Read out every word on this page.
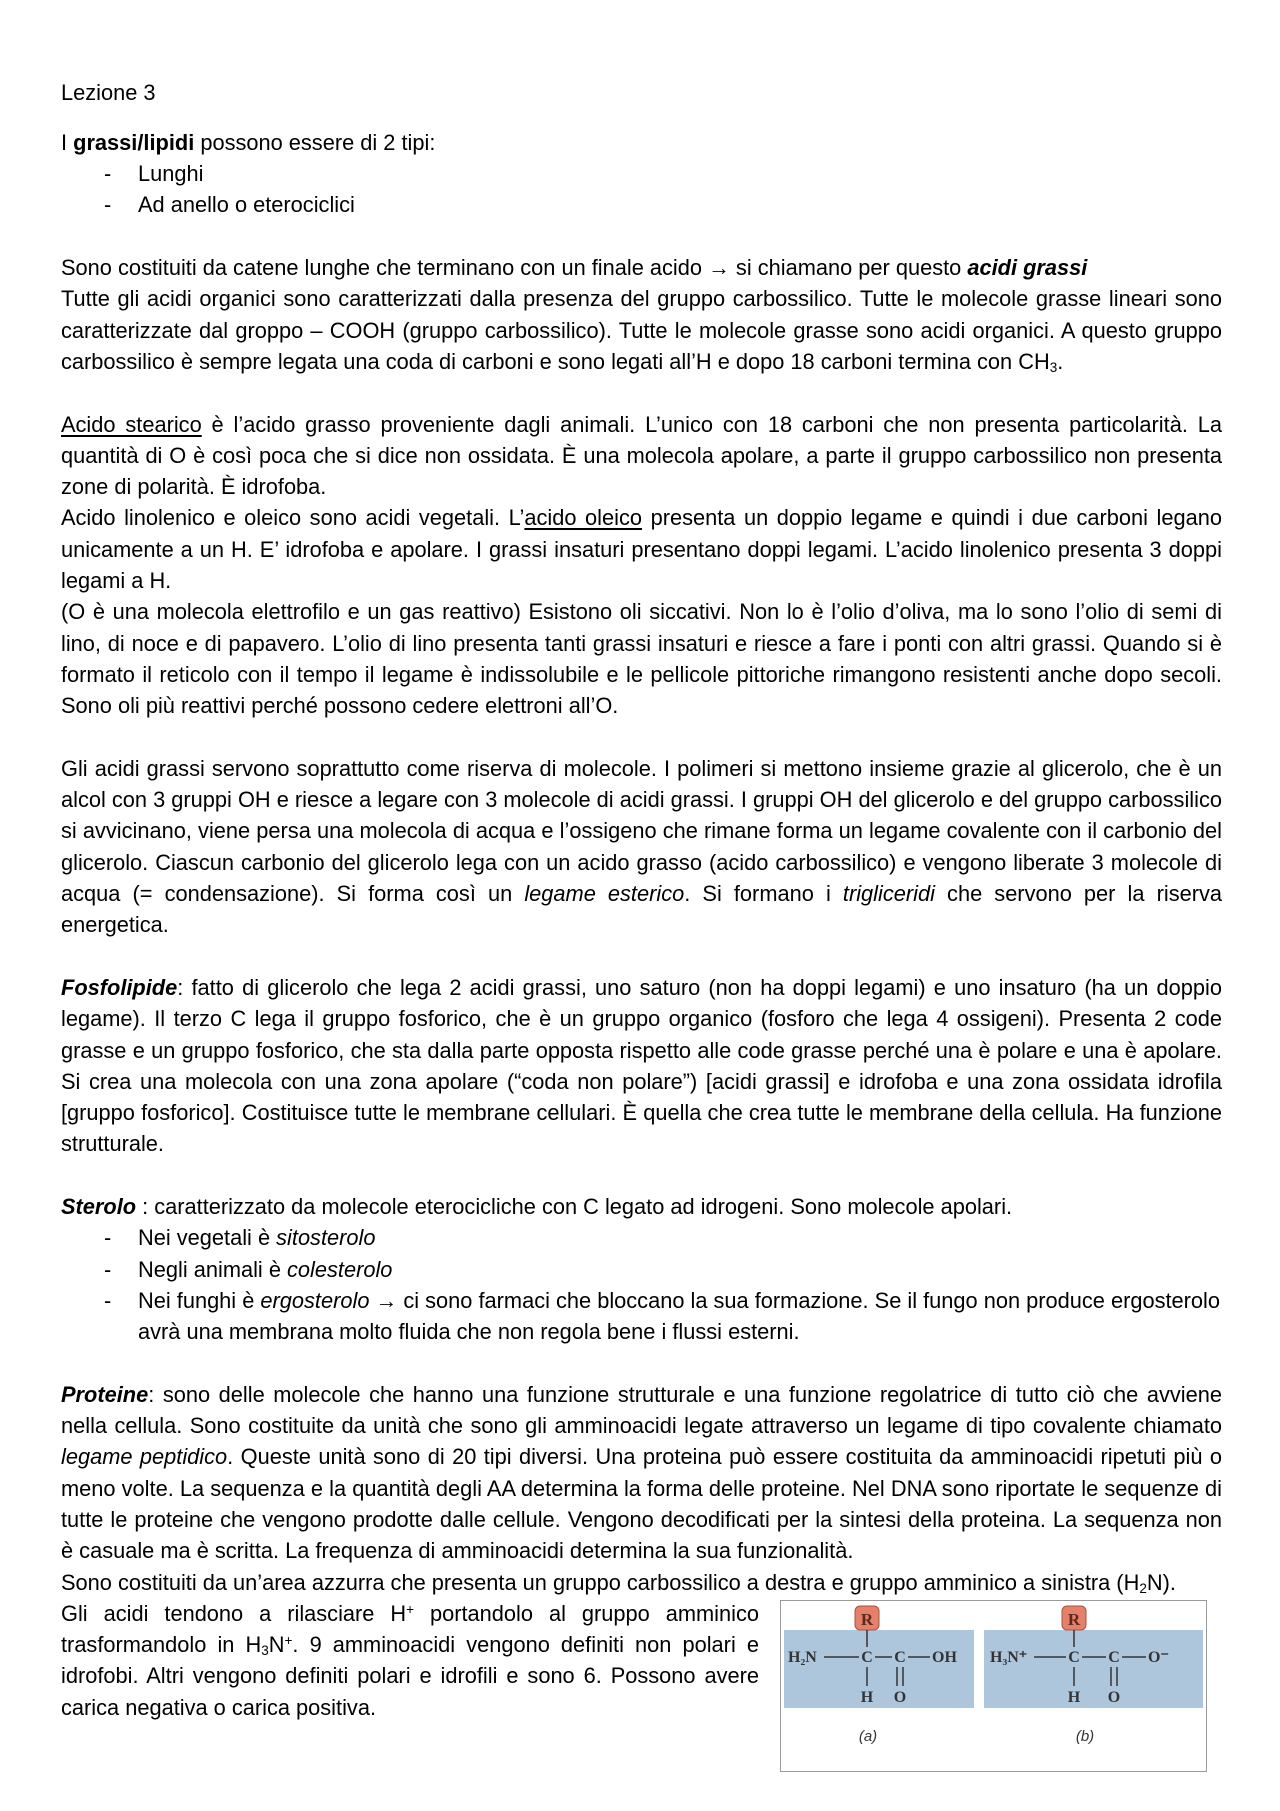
Lezione 3

I grassi/lipidi possono essere di 2 tipi:

- Lunghi
- Ad anello o eterociclici

Sono costituiti da catene lunghe che terminano con un finale acido → si chiamano per questo acidi grassi

Tutte gli acidi organici sono caratterizzati dalla presenza del gruppo carbossilico. Tutte le molecole grasse lineari sono caratterizzate dal groppo – COOH (gruppo carbossilico). Tutte le molecole grasse sono acidi organici. A questo gruppo carbossilico è sempre legata una coda di carboni e sono legati all’H e dopo 18 carboni termina con $CH_3$.

Acido stearico è l’acido grasso proveniente dagli animali. L’unico con 18 carboni che non presenta particolarità. La quantità di O è così poca che si dice non ossidata. È una molecola apolare, a parte il gruppo carbossilico non presenta zone di polarità. È idrofoba.

Acido linolenico e oleico sono acidi vegetali. L’acido oleico presenta un doppio legame e quindi i due carboni legano unicamente a un H. E’ idrofoba e apolare. I grassi insaturi presentano doppi legami. L’acido linolenico presenta 3 doppi legami a H.

(O è una molecola elettrofilo e un gas reattivo) Esistono oli siccativi. Non lo è l’olio d’oliva, ma lo sono l’olio di semi di lino, di noce e di papavero. L’olio di lino presenta tanti grassi insaturi e riesce a fare i ponti con altri grassi. Quando si è formato il reticolo con il tempo il legame è indissolubile e le pellicole pittoriche rimangono resistenti anche dopo secoli. Sono oli più reattivi perché possono cedere elettroni all’O.

Gli acidi grassi servono soprattutto come riserva di molecole. I polimeri si mettono insieme grazie al glicerolo, che è un alcol con 3 gruppi OH e riesce a legare con 3 molecole di acidi grassi. I gruppi OH del glicerolo e del gruppo carbossilico si avvicinano, viene persa una molecola di acqua e l’ossigeno che rimane forma un legame covalente con il carbonio del glicerolo. Ciascun carbonio del glicerolo lega con un acido grasso (acido carbossilico) e vengono liberate 3 molecole di acqua (= condensazione). Si forma così un legame esterico. Si formano i trigliceridi che servono per la riserva energetica.

Fosfolipide: fatto di glicerolo che lega 2 acidi grassi, uno saturo (non ha doppi legami) e uno insaturo (ha un doppio legame). Il terzo C lega il gruppo fosforico, che è un gruppo organico (fosforo che lega 4 ossigeni). Presenta 2 code grasse e un gruppo fosforico, che sta dalla parte opposta rispetto alle code grasse perché una è polare e una è apolare. Si crea una molecola con una zona apolare (“coda non polare”) [acidi grassi] e idrofoba e una zona ossidata idrofila [gruppo fosforico]. Costituisce tutte le membrane cellulari. È quella che crea tutte le membrane della cellula. Ha funzione strutturale.

Sterolo : caratterizzato da molecole eterocicliche con C legato ad idrogeni. Sono molecole apolari.

- Nei vegetali è sitosterolo
- Negli animali è colesterolo
- Nei funghi è ergosterolo → ci sono farmaci che bloccano la sua formazione. Se il fungo non produce ergosterolo avrà una membrana molto fluida che non regola bene i flussi esterni.

Proteine: sono delle molecole che hanno una funzione strutturale e una funzione regolatrice di tutto ciò che avviene nella cellula. Sono costituite da unità che sono gli amminoacidi legate attraverso un legame di tipo covalente chiamato legame peptidico. Queste unità sono di 20 tipi diversi. Una proteina può essere costituita da amminoacidi ripetuti più o meno volte. La sequenza e la quantità degli AA determina la forma delle proteine. Nel DNA sono riportate le sequenze di tutte le proteine che vengono prodotte dalle cellule. Vengono decodificati per la sintesi della proteina. La sequenza non è casuale ma è scritta. La frequenza di amminoacidi determina la sua funzionalità.

Sono costituiti da un’area azzurra che presenta un gruppo carbossilico a destra e gruppo amminico a sinistra $(H_2N)$.

Gli acidi tendono a rilasciare H+ portandolo al gruppo amminico trasformandolo in $H_3N^+$. 9 amminoacidi vengono definiti non polari e idrofobi. Altri vengono definiti polari e idrofili e sono 6. Possono avere carica negativa o carica positiva.

R
H₂N	C C OH
H O
(a)
R
H₃N⁺	C C O⁻
H O
(b)
